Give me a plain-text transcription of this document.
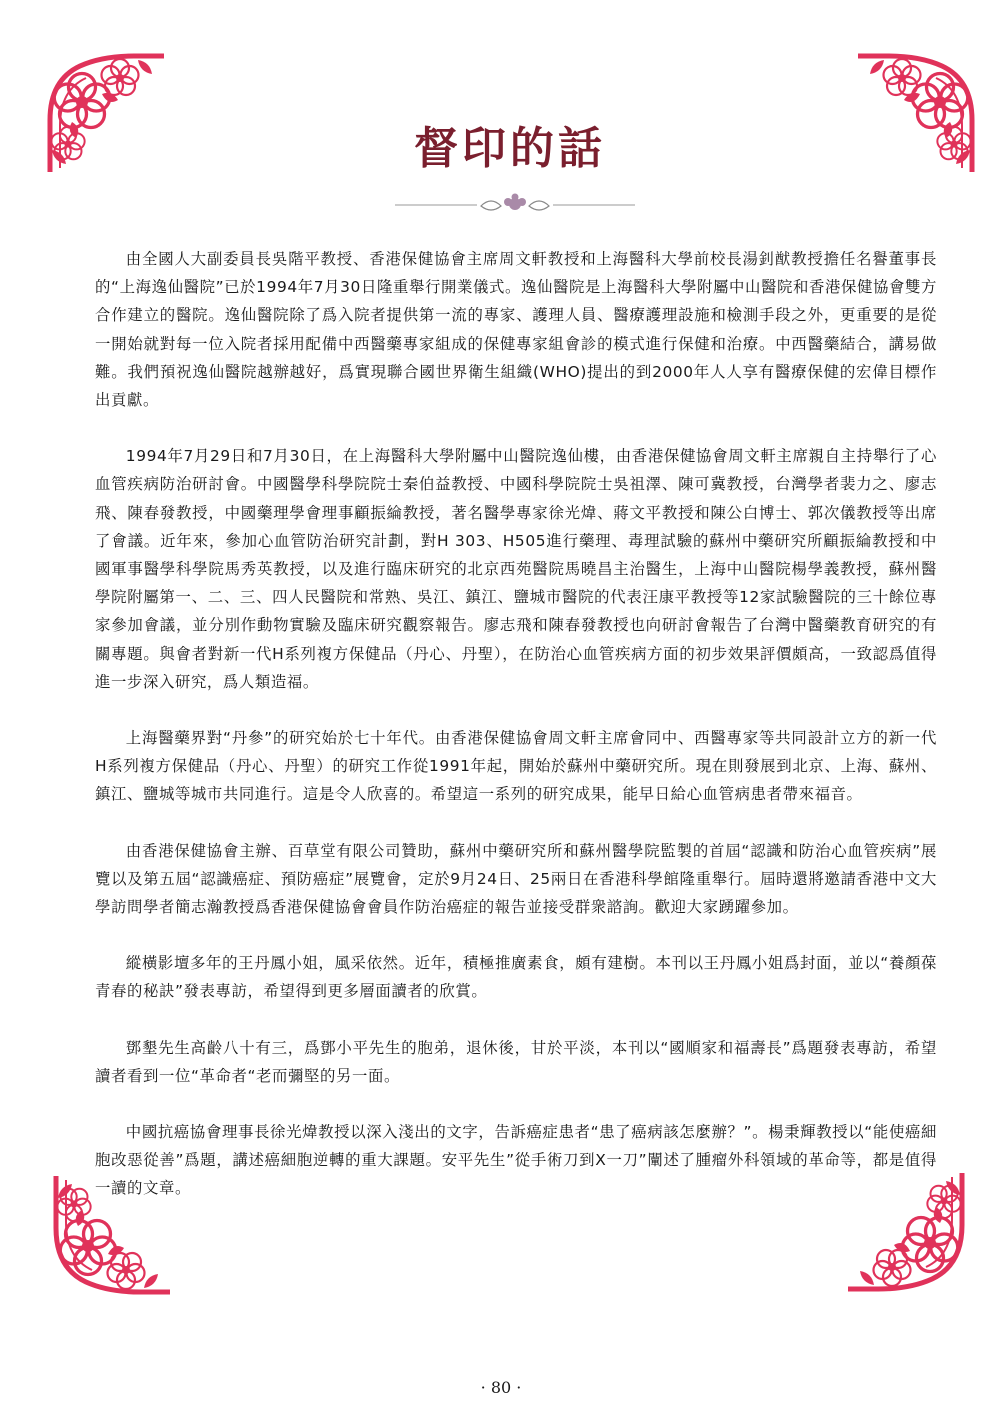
督印的話

由全國人大副委員長吳階平教授、香港保健協會主席周文軒教授和上海醫科大學前校長湯釗猷教授擔任名譽董事長的“上海逸仙醫院”已於1994年7月30日隆重舉行開業儀式。逸仙醫院是上海醫科大學附屬中山醫院和香港保健協會雙方合作建立的醫院。逸仙醫院除了爲入院者提供第一流的專家、護理人員、醫療護理設施和檢測手段之外，更重要的是從一開始就對每一位入院者採用配備中西醫藥專家組成的保健專家組會診的模式進行保健和治療。中西醫藥結合，講易做難。我們預祝逸仙醫院越辦越好，爲實現聯合國世界衛生組織(WHO)提出的到2000年人人享有醫療保健的宏偉目標作出貢獻。

1994年7月29日和7月30日，在上海醫科大學附屬中山醫院逸仙樓，由香港保健協會周文軒主席親自主持舉行了心血管疾病防治研討會。中國醫學科學院院士秦伯益教授、中國科學院院士吳祖澤、陳可冀教授，台灣學者裴力之、廖志飛、陳春發教授，中國藥理學會理事顧振綸教授，著名醫學專家徐光煒、蔣文平教授和陳公白博士、郭次儀教授等出席了會議。近年來，參加心血管防治研究計劃，對H 303、H505進行藥理、毒理試驗的蘇州中藥研究所顧振綸教授和中國軍事醫學科學院馬秀英教授，以及進行臨床研究的北京西苑醫院馬曉昌主治醫生，上海中山醫院楊學義教授，蘇州醫學院附屬第一、二、三、四人民醫院和常熟、吳江、鎮江、鹽城市醫院的代表汪康平教授等12家試驗醫院的三十餘位專家參加會議，並分別作動物實驗及臨床研究觀察報告。廖志飛和陳春發教授也向研討會報告了台灣中醫藥教育研究的有關專題。與會者對新一代H系列複方保健品（丹心、丹聖），在防治心血管疾病方面的初步效果評價頗高，一致認爲值得進一步深入研究，爲人類造福。

上海醫藥界對“丹參”的研究始於七十年代。由香港保健協會周文軒主席會同中、西醫專家等共同設計立方的新一代H系列複方保健品（丹心、丹聖）的研究工作從1991年起，開始於蘇州中藥研究所。現在則發展到北京、上海、蘇州、鎮江、鹽城等城市共同進行。這是令人欣喜的。希望這一系列的研究成果，能早日給心血管病患者帶來福音。

由香港保健協會主辦、百草堂有限公司贊助，蘇州中藥研究所和蘇州醫學院監製的首屆“認識和防治心血管疾病”展覽以及第五屆“認識癌症、預防癌症”展覽會，定於9月24日、25兩日在香港科學館隆重舉行。屆時還將邀請香港中文大學訪問學者簡志瀚教授爲香港保健協會會員作防治癌症的報告並接受群衆諮詢。歡迎大家踴躍參加。

縱橫影壇多年的王丹鳳小姐，風采依然。近年，積極推廣素食，頗有建樹。本刊以王丹鳳小姐爲封面，並以“養顏葆青春的秘訣”發表專訪，希望得到更多層面讀者的欣賞。

鄧墾先生高齡八十有三，爲鄧小平先生的胞弟，退休後，甘於平淡，本刊以“國順家和福壽長”爲題發表專訪，希望讀者看到一位“革命者“老而彌堅的另一面。

中國抗癌協會理事長徐光煒教授以深入淺出的文字，告訴癌症患者“患了癌病該怎麼辦？”。楊秉輝教授以“能使癌細胞改惡從善”爲題，講述癌細胞逆轉的重大課題。安平先生”從手術刀到X一刀”闡述了腫瘤外科領域的革命等，都是值得一讀的文章。

· 80 ·
